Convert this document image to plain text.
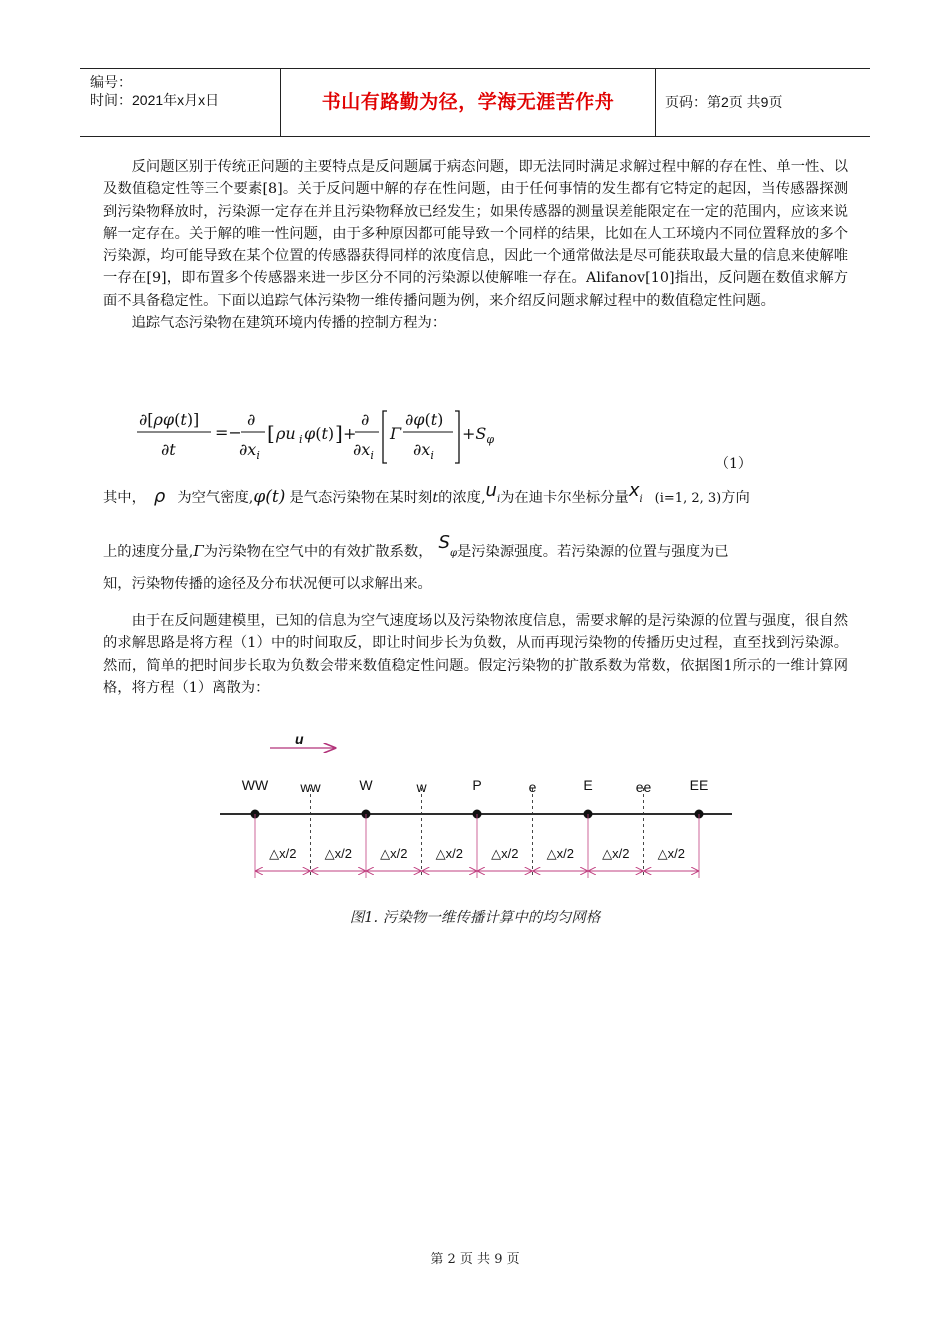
编号：
时间：2021年x月x日	书山有路勤为径，学海无涯苦作舟	页码：第2页 共9页

反问题区别于传统正问题的主要特点是反问题属于病态问题，即无法同时满足求解过程中解的存在性、单一性、以及数值稳定性等三个要素[8]。关于反问题中解的存在性问题，由于任何事情的发生都有它特定的起因，当传感器探测到污染物释放时，污染源一定存在并且污染物释放已经发生；如果传感器的测量误差能限定在一定的范围内，应该来说解一定存在。关于解的唯一性问题，由于多种原因都可能导致一个同样的结果，比如在人工环境内不同位置释放的多个污染源，均可能导致在某个位置的传感器获得同样的浓度信息，因此一个通常做法是尽可能获取最大量的信息来使解唯一存在[9]，即布置多个传感器来进一步区分不同的污染源以使解唯一存在。Alifanov[10]指出，反问题在数值求解方面不具备稳定性。下面以追踪气体污染物一维传播问题为例，来介绍反问题求解过程中的数值稳定性问题。

追踪气态污染物在建筑环境内传播的控制方程为：

∂[ρφ(t)]
∂t
=−
∂
$\partial x_i$
[ ρu i φ(t) ] +
∂
$\partial x_i$
Γ
∂φ(t)
$\partial x_i$
$+S_\varphi$
（1）
其中， ρ 为空气密度,φ(t) 是气态污染物在某时刻t的浓度$,u_i$为在迪卡尔坐标分量$x_i$ (i=1, 2, 3)方向
上的速度分量,Γ为污染物在空气中的有效扩散系数， $S_\varphi$是污染源强度。若污染源的位置与强度为已
知，污染物传播的途径及分布状况便可以求解出来。

由于在反问题建模里，已知的信息为空气速度场以及污染物浓度信息，需要求解的是污染源的位置与强度，很自然的求解思路是将方程（1）中的时间取反，即让时间步长为负数，从而再现污染物的传播历史过程，直至找到污染源。然而，简单的把时间步长取为负数会带来数值稳定性问题。假定污染物的扩散系数为常数，依据图1所示的一维计算网格，将方程（1）离散为：

u
WW ww	W	w	P	e	E	ee	EE
△x/2 △x/2 △x/2 △x/2 △x/2 △x/2 △x/2 △x/2
图1. 污染物一维传播计算中的均匀网格
第 2 页 共 9 页
